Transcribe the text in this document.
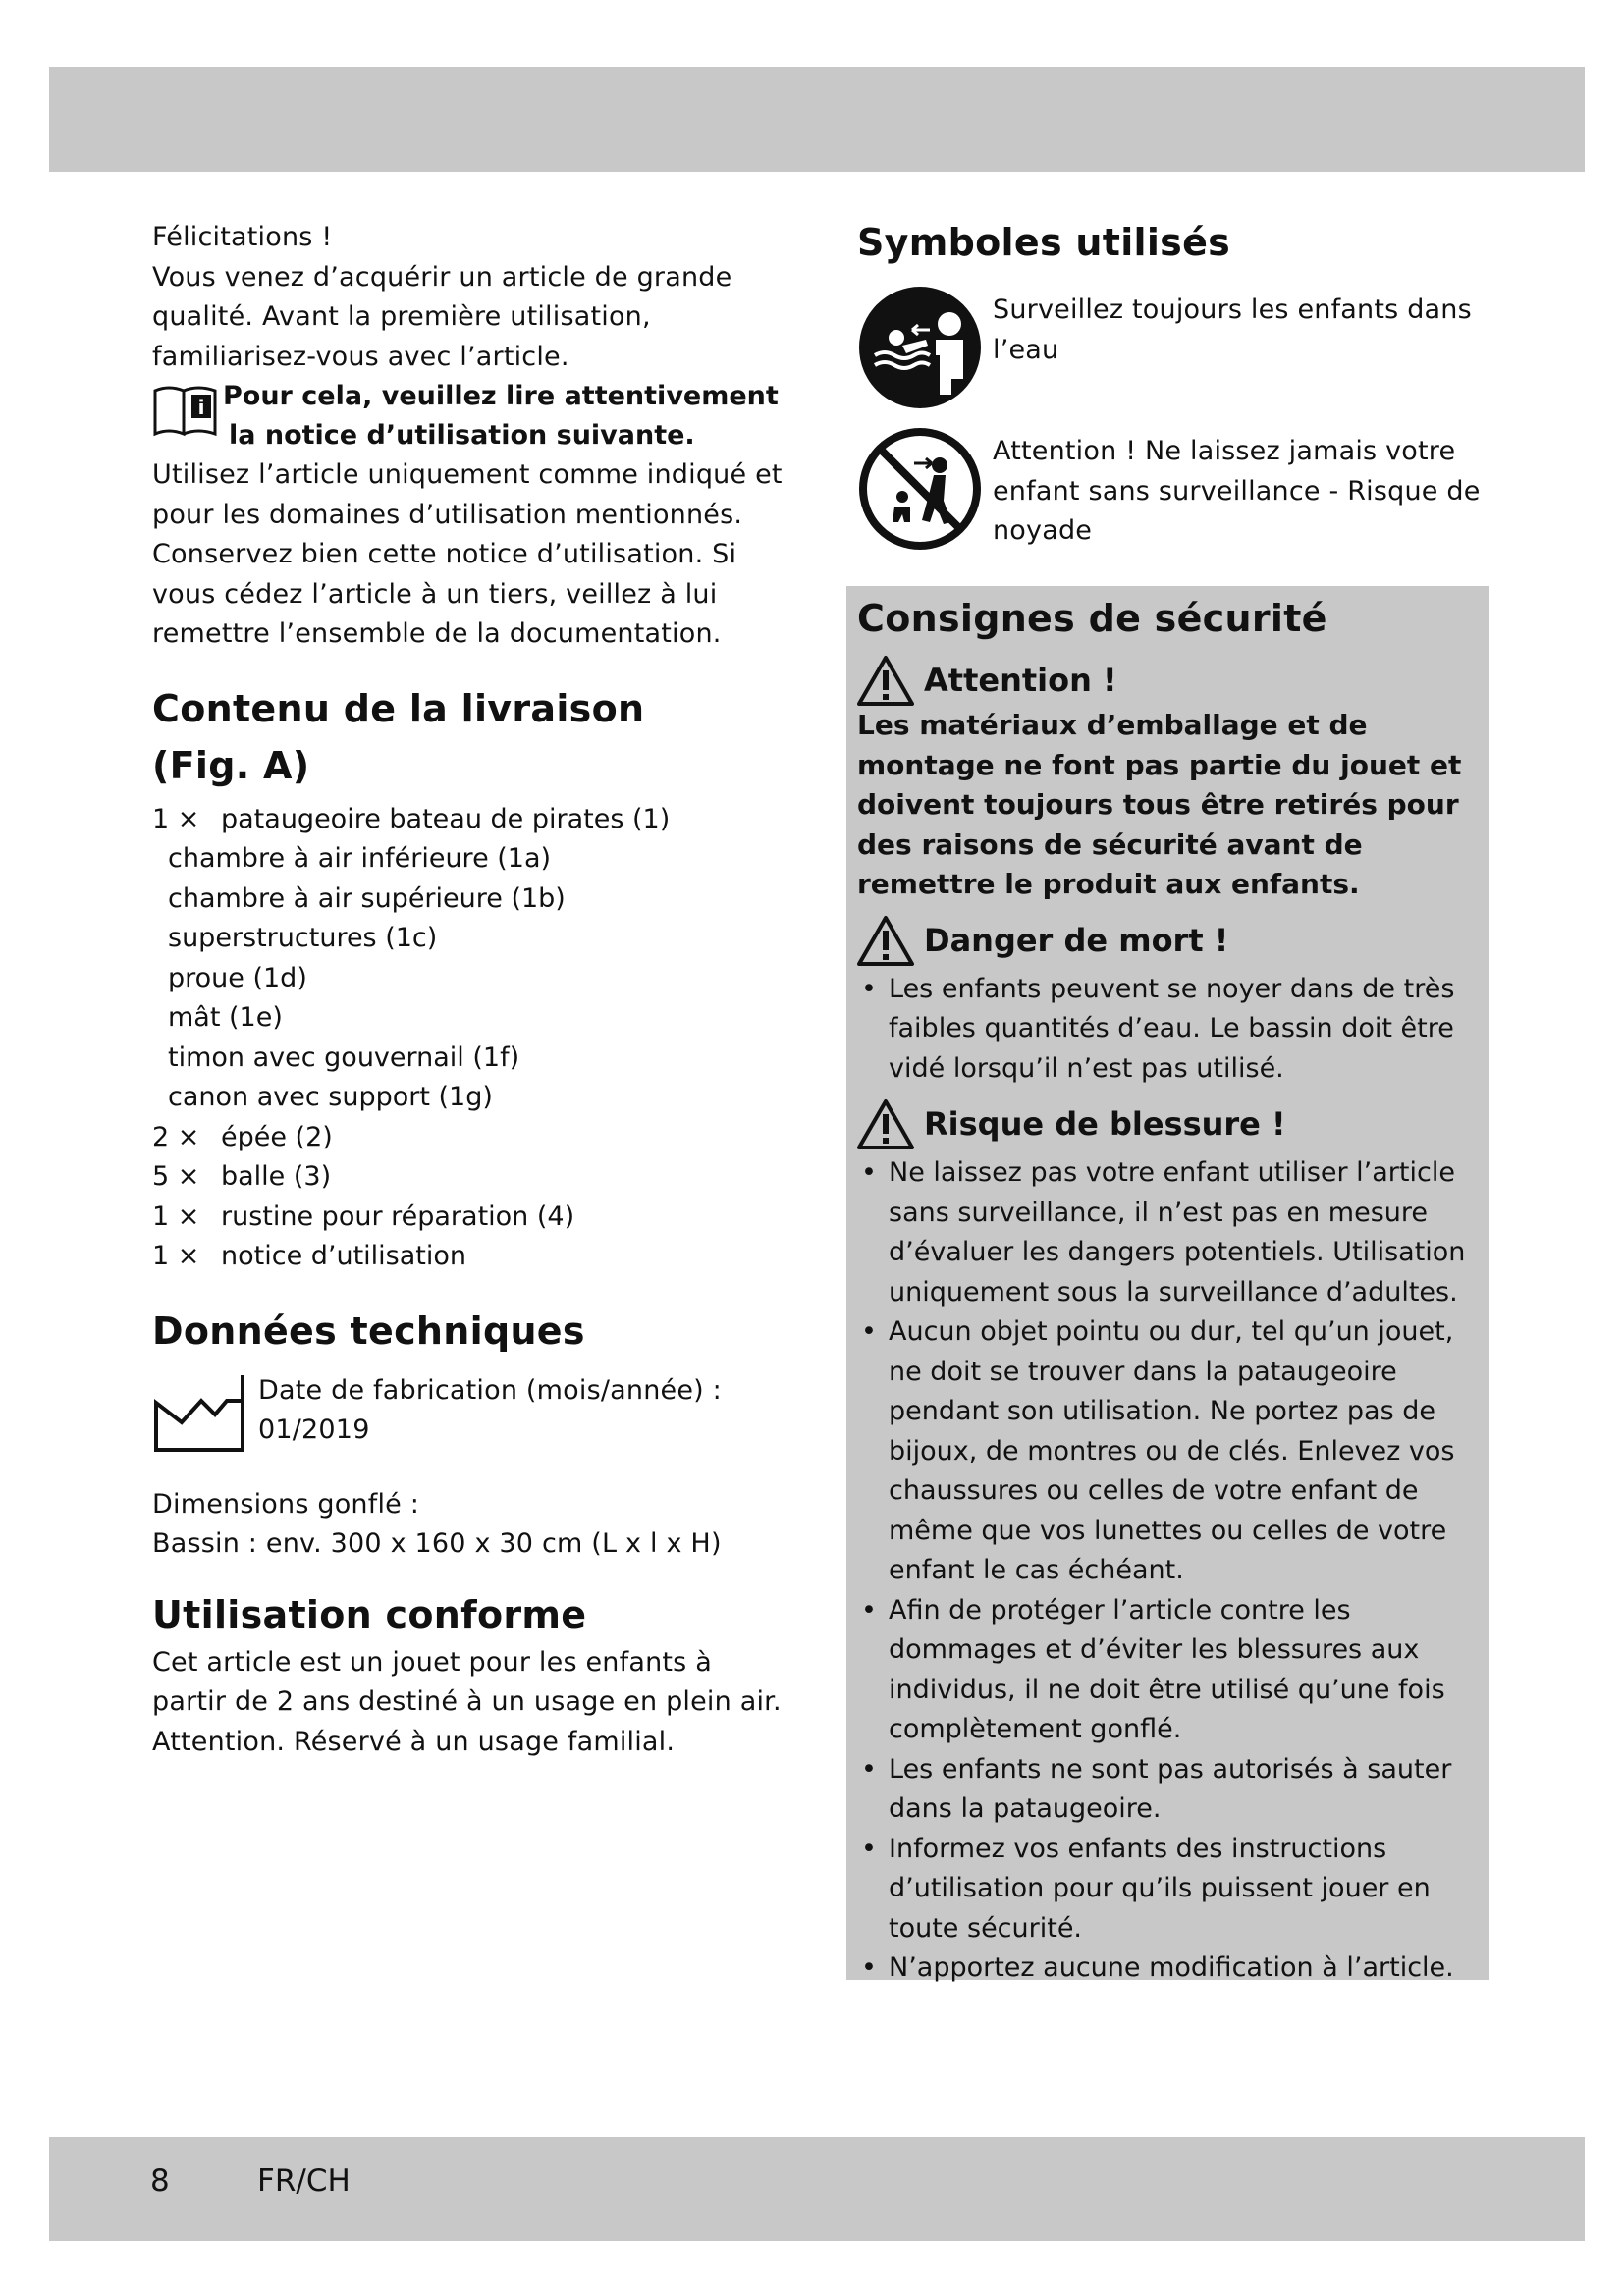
Félicitations !

Vous venez d’acquérir un article de grande qualité. Avant la première utilisation, familiarisez-vous avec l’article.

i Pour cela, veuillez lire attentivement
la notice d’utilisation suivante.

Utilisez l’article uniquement comme indiqué et pour les domaines d’utilisation mentionnés. Conservez bien cette notice d’utilisation. Si vous cédez l’article à un tiers, veillez à lui remettre l’ensemble de la documentation.

Contenu de la livraison
(Fig. A)
1 × pataugeoire bateau de pirates (1)
chambre à air inférieure (1a)
chambre à air supérieure (1b)
superstructures (1c)
proue (1d)
mât (1e)
timon avec gouvernail (1f)
canon avec support (1g)
2 × épée (2)
5 × balle (3)
1 × rustine pour réparation (4)
1 × notice d’utilisation
Données techniques
Date de fabrication (mois/année) :
01/2019

Dimensions gonflé :

Bassin : env. 300 x 160 x 30 cm (L x l x H)

Utilisation conforme

Cet article est un jouet pour les enfants à partir de 2 ans destiné à un usage en plein air. Attention. Réservé à un usage familial.

Symboles utilisés

Surveillez toujours les enfants dans l’eau

Attention ! Ne laissez jamais votre enfant sans surveillance - Risque de noyade

Consignes de sécurité
Attention !

Les matériaux d’emballage et de montage ne font pas partie du jouet et doivent toujours tous être retirés pour des raisons de sécurité avant de remettre le produit aux enfants.

Danger de mort !
• Les enfants peuvent se noyer dans de très faibles quantités d’eau. Le bassin doit être vidé lorsqu’il n’est pas utilisé.
Risque de blessure !
• Ne laissez pas votre enfant utiliser l’article sans surveillance, il n’est pas en mesure d’évaluer les dangers potentiels. Utilisation uniquement sous la surveillance d’adultes.
• Aucun objet pointu ou dur, tel qu’un jouet, ne doit se trouver dans la pataugeoire pendant son utilisation. Ne portez pas de bijoux, de montres ou de clés. Enlevez vos chaussures ou celles de votre enfant de même que vos lunettes ou celles de votre enfant le cas échéant.
• Afin de protéger l’article contre les dommages et d’éviter les blessures aux individus, il ne doit être utilisé qu’une fois complètement gonflé.
• Les enfants ne sont pas autorisés à sauter dans la pataugeoire.
• Informez vos enfants des instructions d’utilisation pour qu’ils puissent jouer en toute sécurité.
• N’apportez aucune modification à l’article.
8	FR/CH
